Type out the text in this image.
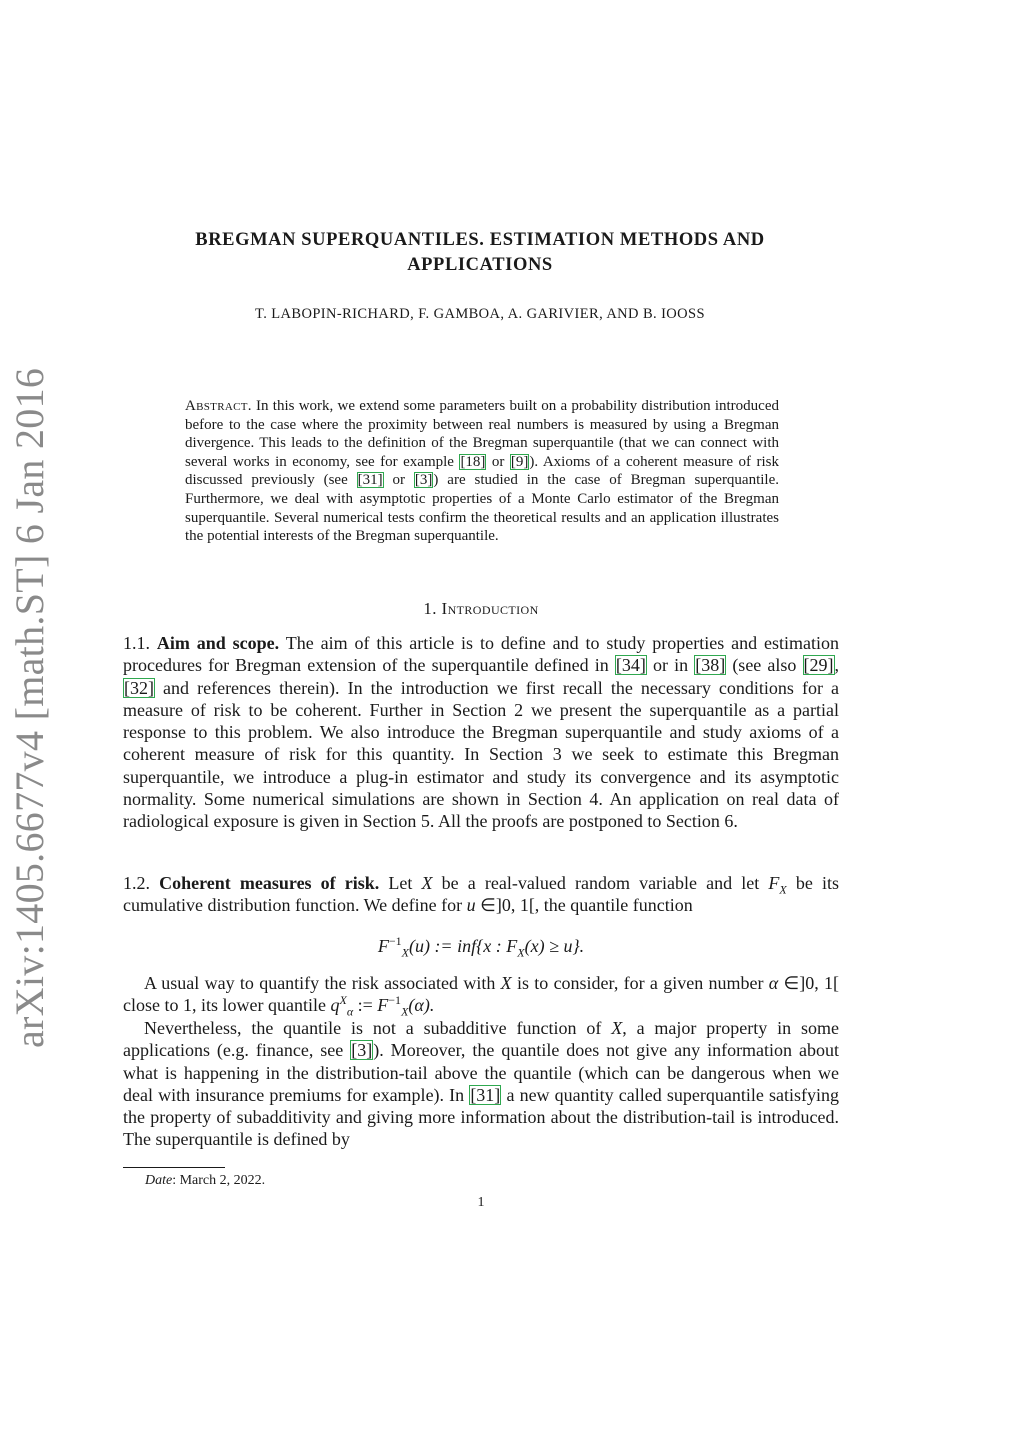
arXiv:1405.6677v4 [math.ST] 6 Jan 2016
BREGMAN SUPERQUANTILES. ESTIMATION METHODS AND
APPLICATIONS
T. LABOPIN-RICHARD, F. GAMBOA, A. GARIVIER, AND B. IOOSS
Abstract. In this work, we extend some parameters built on a probability distribution introduced before to the case where the proximity between real numbers is measured by using a Bregman divergence. This leads to the definition of the Bregman superquantile (that we can connect with several works in economy, see for example [18] or [9]). Axioms of a coherent measure of risk discussed previously (see [31] or [3]) are studied in the case of Bregman superquantile. Furthermore, we deal with asymptotic properties of a Monte Carlo estimator of the Bregman superquantile. Several numerical tests confirm the theoretical results and an application illustrates the potential interests of the Bregman superquantile.
1. Introduction
1.1. Aim and scope. The aim of this article is to define and to study properties and estimation procedures for Bregman extension of the superquantile defined in [34] or in [38] (see also [29], [32] and references therein). In the introduction we first recall the necessary conditions for a measure of risk to be coherent. Further in Section 2 we present the superquantile as a partial response to this problem. We also introduce the Bregman superquantile and study axioms of a coherent measure of risk for this quantity. In Section 3 we seek to estimate this Bregman superquantile, we introduce a plug-in estimator and study its convergence and its asymptotic normality. Some numerical simulations are shown in Section 4. An application on real data of radiological exposure is given in Section 5. All the proofs are postponed to Section 6.
1.2. Coherent measures of risk. Let X be a real-valued random variable and let $F_X$ be its cumulative distribution function. We define for u ∈]0, 1[, the quantile function
$F^{-1}_X(u)$ := inf{x : $F_X(x) \ge u$}.
A usual way to quantify the risk associated with X is to consider, for a given number α ∈]0, 1[ close to 1, its lower quantile $q^X_\alpha$ := $F^{-1}_X(\alpha)$.
Nevertheless, the quantile is not a subadditive function of X, a major property in some applications (e.g. finance, see [3]). Moreover, the quantile does not give any information about what is happening in the distribution-tail above the quantile (which can be dangerous when we deal with insurance premiums for example). In [31] a new quantity called superquantile satisfying the property of subadditivity and giving more information about the distribution-tail is introduced. The superquantile is defined by
Date: March 2, 2022.
1
